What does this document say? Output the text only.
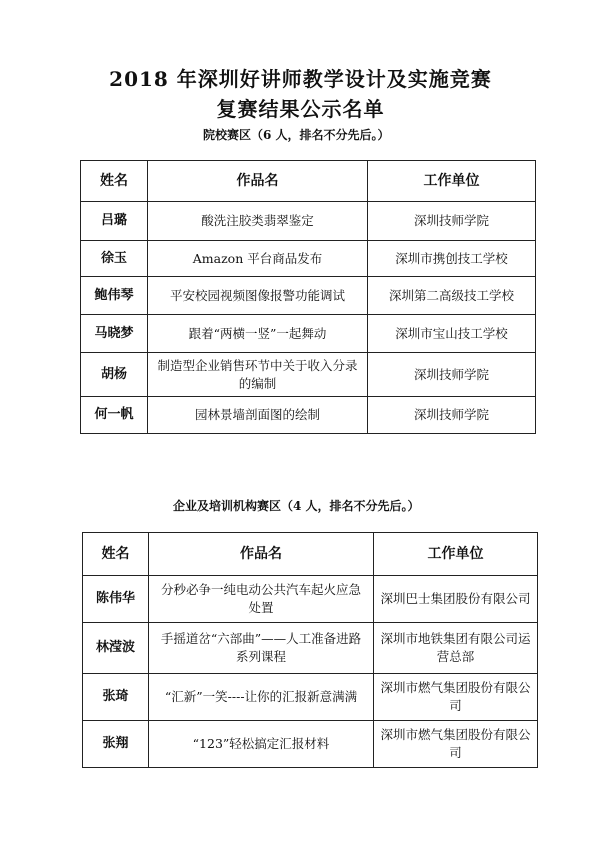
2018 年深圳好讲师教学设计及实施竞赛
复赛结果公示名单
院校赛区（6 人，排名不分先后。）
姓名	作品名	工作单位
吕璐	酸洗注胶类翡翠鉴定	深圳技师学院
徐玉	Amazon 平台商品发布	深圳市携创技工学校
鲍伟琴	平安校园视频图像报警功能调试	深圳第二高级技工学校
马晓梦	跟着“两横一竖”一起舞动	深圳市宝山技工学校
胡杨	制造型企业销售环节中关于收入分录的编制	深圳技师学院
何一帆	园林景墙剖面图的绘制	深圳技师学院
企业及培训机构赛区（4 人，排名不分先后。）
姓名	作品名	工作单位
陈伟华	分秒必争一纯电动公共汽车起火应急处置	深圳巴士集团股份有限公司
林滢波	手摇道岔“六部曲”——人工准备进路系列课程	深圳市地铁集团有限公司运营总部
张琦	“汇新”一笑----让你的汇报新意满满	深圳市燃气集团股份有限公司
张翔	“123”轻松搞定汇报材料	深圳市燃气集团股份有限公司
